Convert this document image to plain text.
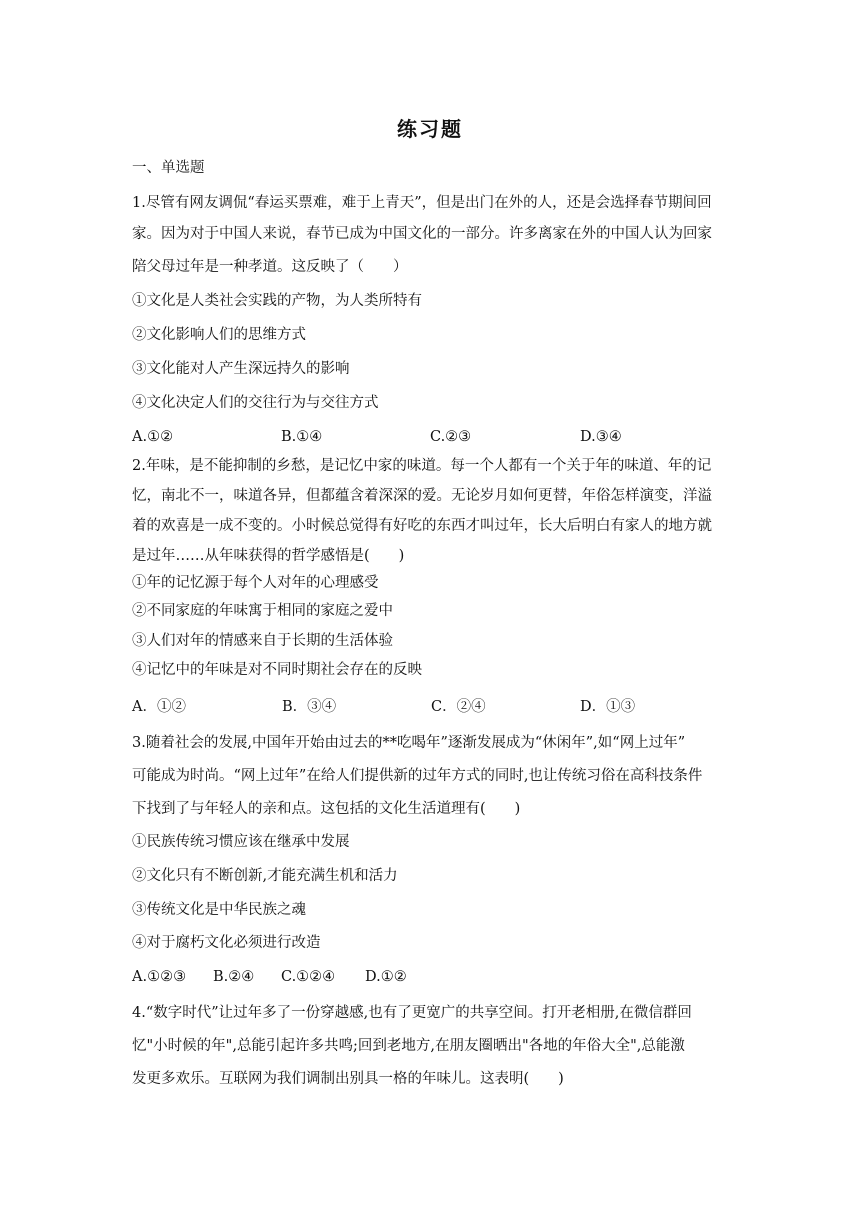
练习题
一、单选题
1.尽管有网友调侃“春运买票难，难于上青天”，但是出门在外的人，还是会选择春节期间回
家。因为对于中国人来说，春节已成为中国文化的一部分。许多离家在外的中国人认为回家
陪父母过年是一种孝道。这反映了（　　）
①文化是人类社会实践的产物，为人类所特有
②文化影响人们的思维方式
③文化能对人产生深远持久的影响
④文化决定人们的交往行为与交往方式
A.①②	B.①④	C.②③	D.③④
2.年味，是不能抑制的乡愁，是记忆中家的味道。每一个人都有一个关于年的味道、年的记
忆，南北不一，味道各异，但都蕴含着深深的爱。无论岁月如何更替，年俗怎样演变，洋溢
着的欢喜是一成不变的。小时候总觉得有好吃的东西才叫过年，长大后明白有家人的地方就
是过年……从年味获得的哲学感悟是(　　)
①年的记忆源于每个人对年的心理感受
②不同家庭的年味寓于相同的家庭之爱中
③人们对年的情感来自于长期的生活体验
④记忆中的年味是对不同时期社会存在的反映
A．①②	B．③④	C．②④	D．①③
3.随着社会的发展,中国年开始由过去的**吃喝年”逐渐发展成为“休闲年”,如“网上过年”
可能成为时尚。“网上过年”在给人们提供新的过年方式的同时,也让传统习俗在高科技条件
下找到了与年轻人的亲和点。这包括的文化生活道理有(　　)
①民族传统习惯应该在继承中发展
②文化只有不断创新,才能充满生机和活力
③传统文化是中华民族之魂
④对于腐朽文化必须进行改造
A.①②③ B.②④ C.①②④ D.①②
4.“数字时代”让过年多了一份穿越感,也有了更宽广的共享空间。打开老相册,在微信群回
忆"小时候的年",总能引起许多共鸣;回到老地方,在朋友圈晒出"各地的年俗大全",总能激
发更多欢乐。互联网为我们调制出别具一格的年味儿。这表明(　　)
